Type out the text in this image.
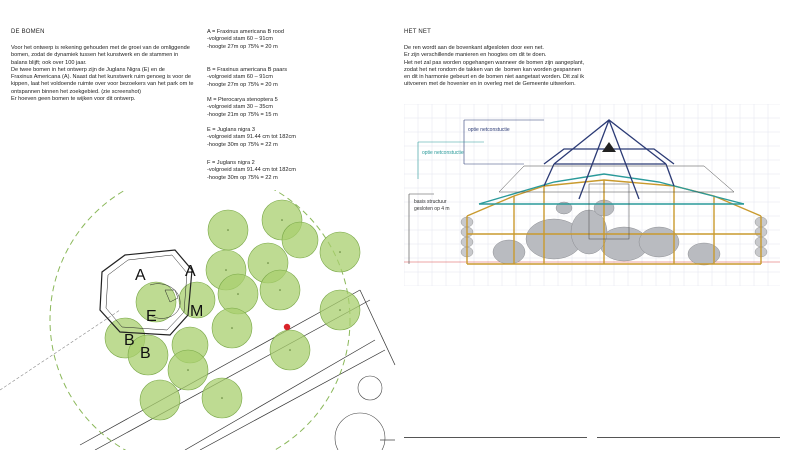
DE BOMEN
Voor het ontwerp is rekening gehouden met de groei van de omliggende
bomen, zodat de dynamiek tussen het kunstwerk en de stammen in
balans blijft; ook over 100 jaar.
De twee bomen in het ontwerp zijn de Juglans Nigra (E) en de
Fraxinus Americana (A). Naast dat het kunstwerk ruim genoeg is voor de
kippen, laat het voldoende ruimte over voor bezoekers van het park om te
ontspannen binnen het zoekgebied. (zie screenshot)
Er hoeven geen bomen te wijken voor dit ontwerp.
A = Fraxinus americana B rood
-volgroeid stam 60 – 91cm
-hoogte 27m op 75% = 20 m
B = Fraxinus americana B paars
-volgroeid stam 60 – 91cm
-hoogte 27m op 75% = 20 m
M = Pterocarya stenoptera 5
-volgroeid stam 30 – 35cm
-hoogte 21m op 75% = 15 m
E = Juglans nigra 3
-volgroeid stam 91.44 cm tot 182cm
-hoogte 30m op 75% = 22 m
F = Juglans nigra 2
-volgroeid stam 91.44 cm tot 182cm
-hoogte 30m op 75% = 22 m
HET NET
De ren wordt aan de bovenkant afgesloten door een net.
Er zijn verschillende manieren en hoogtes om dit te doen.
Het net zal pas worden opgehangen wanneer de bomen zijn aangeplant,
zodat het net rondom de takken van de  bomen kan worden gespannen
en dit in harmonie gebeurt en de bomen niet aangetast worden. Dit zal ik
uitvoeren met de hovenier en in overleg met de Gemeente uitwerken.
A A
E M
B
B
optie netconstuctie
optie netconstuctie
basis structuur
gesloten op 4 m
